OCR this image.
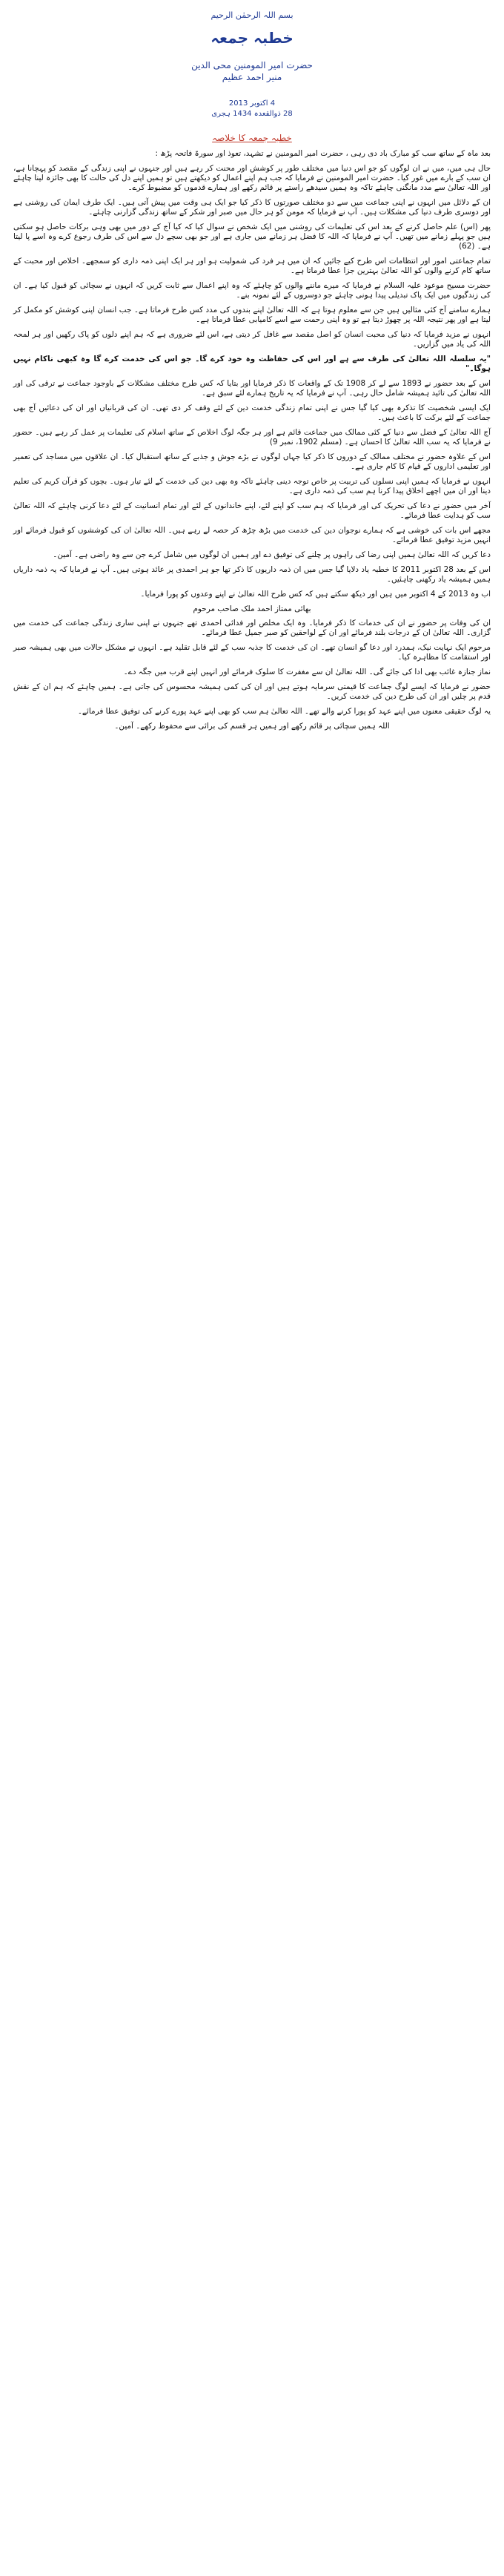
بسم اللہ الرحمٰن الرحیم
خطبہ جمعہ
حضرت امیر المومنین محی الدین
منیر احمد عظیم
4 اکتوبر 2013
28 ذوالقعدہ 1434 ہجری
خطبہ جمعہ کا خلاصہ

بعد ماہ کے ساتھ سب کو مبارک باد دی رہی ، حضرت امیر المومنین نے تشہد، تعوذ اور سورۃ فاتحہ پڑھ :

حال ہی میں، میں نے ان لوگوں کو جو اس دنیا میں مختلف طور پر کوشش اور محنت کر رہے ہیں اور جنہوں نے اپنی زندگی کے مقصد کو پہچانا ہے، ان سب کے بارے میں غور کیا۔ حضرت امیر المومنین نے فرمایا کہ جب ہم اپنے اعمال کو دیکھتے ہیں تو ہمیں اپنے دل کی حالت کا بھی جائزہ لینا چاہئے اور اللہ تعالیٰ سے مدد مانگنی چاہئے تاکہ وہ ہمیں سیدھے راستے پر قائم رکھے اور ہمارے قدموں کو مضبوط کرے۔

ان کے دلائل میں انہوں نے اپنی جماعت میں سے دو مختلف صورتوں کا ذکر کیا جو ایک ہی وقت میں پیش آتی ہیں۔ ایک طرف ایمان کی روشنی ہے اور دوسری طرف دنیا کی مشکلات ہیں۔ آپ نے فرمایا کہ مومن کو ہر حال میں صبر اور شکر کے ساتھ زندگی گزارنی چاہئے۔

پھر (اس) علم حاصل کرنے کے بعد اس کی تعلیمات کی روشنی میں ایک شخص نے سوال کیا کہ کیا آج کے دور میں بھی وہی برکات حاصل ہو سکتی ہیں جو پہلے زمانے میں تھیں۔ آپ نے فرمایا کہ اللہ کا فضل ہر زمانے میں جاری ہے اور جو بھی سچے دل سے اس کی طرف رجوع کرے وہ اسے پا لیتا ہے۔ (62)

تمام جماعتی امور اور انتظامات اس طرح کیے جائیں کہ ان میں ہر فرد کی شمولیت ہو اور ہر ایک اپنی ذمہ داری کو سمجھے۔ اخلاص اور محبت کے ساتھ کام کرنے والوں کو اللہ تعالیٰ بہترین جزا عطا فرماتا ہے۔

حضرت مسیح موعود علیہ السلام نے فرمایا کہ میرے ماننے والوں کو چاہئے کہ وہ اپنے اعمال سے ثابت کریں کہ انہوں نے سچائی کو قبول کیا ہے۔ ان کی زندگیوں میں ایک پاک تبدیلی پیدا ہونی چاہئے جو دوسروں کے لئے نمونہ بنے۔

ہمارے سامنے آج کئی مثالیں ہیں جن سے معلوم ہوتا ہے کہ اللہ تعالیٰ اپنے بندوں کی مدد کس طرح فرماتا ہے۔ جب انسان اپنی کوشش کو مکمل کر لیتا ہے اور پھر نتیجہ اللہ پر چھوڑ دیتا ہے تو وہ اپنی رحمت سے اسے کامیابی عطا فرماتا ہے۔

انہوں نے مزید فرمایا کہ دنیا کی محبت انسان کو اصل مقصد سے غافل کر دیتی ہے، اس لئے ضروری ہے کہ ہم اپنے دلوں کو پاک رکھیں اور ہر لمحہ اللہ کی یاد میں گزاریں۔

"یہ سلسلہ اللہ تعالیٰ کی طرف سے ہے اور اس کی حفاظت وہ خود کرے گا۔ جو اس کی خدمت کرے گا وہ کبھی ناکام نہیں ہوگا۔"

اس کے بعد حضور نے 1893 سے لے کر 1908 تک کے واقعات کا ذکر فرمایا اور بتایا کہ کس طرح مختلف مشکلات کے باوجود جماعت نے ترقی کی اور اللہ تعالیٰ کی تائید ہمیشہ شامل حال رہی۔ آپ نے فرمایا کہ یہ تاریخ ہمارے لئے سبق ہے۔

ایک ایسی شخصیت کا تذکرہ بھی کیا گیا جس نے اپنی تمام زندگی خدمت دین کے لئے وقف کر دی تھی۔ ان کی قربانیاں اور ان کی دعائیں آج بھی جماعت کے لئے برکت کا باعث ہیں۔

آج اللہ تعالیٰ کے فضل سے دنیا کے کئی ممالک میں جماعت قائم ہے اور ہر جگہ لوگ اخلاص کے ساتھ اسلام کی تعلیمات پر عمل کر رہے ہیں۔ حضور نے فرمایا کہ یہ سب اللہ تعالیٰ کا احسان ہے۔ (مسلم 1902، نمبر 9)

اس کے علاوہ حضور نے مختلف ممالک کے دوروں کا ذکر کیا جہاں لوگوں نے بڑے جوش و جذبے کے ساتھ استقبال کیا۔ ان علاقوں میں مساجد کی تعمیر اور تعلیمی اداروں کے قیام کا کام جاری ہے۔

انہوں نے فرمایا کہ ہمیں اپنی نسلوں کی تربیت پر خاص توجہ دینی چاہئے تاکہ وہ بھی دین کی خدمت کے لئے تیار ہوں۔ بچوں کو قرآن کریم کی تعلیم دینا اور ان میں اچھے اخلاق پیدا کرنا ہم سب کی ذمہ داری ہے۔

آخر میں حضور نے دعا کی تحریک کی اور فرمایا کہ ہم سب کو اپنے لئے، اپنے خاندانوں کے لئے اور تمام انسانیت کے لئے دعا کرنی چاہئے کہ اللہ تعالیٰ سب کو ہدایت عطا فرمائے۔

مجھے اس بات کی خوشی ہے کہ ہمارے نوجوان دین کی خدمت میں بڑھ چڑھ کر حصہ لے رہے ہیں۔ اللہ تعالیٰ ان کی کوششوں کو قبول فرمائے اور انہیں مزید توفیق عطا فرمائے۔

دعا کریں کہ اللہ تعالیٰ ہمیں اپنی رضا کی راہوں پر چلنے کی توفیق دے اور ہمیں ان لوگوں میں شامل کرے جن سے وہ راضی ہے۔ آمین۔

اس کے بعد 28 اکتوبر 2011 کا خطبہ یاد دلایا گیا جس میں ان ذمہ داریوں کا ذکر تھا جو ہر احمدی پر عائد ہوتی ہیں۔ آپ نے فرمایا کہ یہ ذمہ داریاں ہمیں ہمیشہ یاد رکھنی چاہئیں۔

اب وہ 2013 کے 4 اکتوبر میں ہیں اور دیکھ سکتے ہیں کہ کس طرح اللہ تعالیٰ نے اپنے وعدوں کو پورا فرمایا۔

بھائی ممتاز احمد ملک صاحب مرحوم

ان کی وفات پر حضور نے ان کی خدمات کا ذکر فرمایا۔ وہ ایک مخلص اور فدائی احمدی تھے جنہوں نے اپنی ساری زندگی جماعت کی خدمت میں گزاری۔ اللہ تعالیٰ ان کے درجات بلند فرمائے اور ان کے لواحقین کو صبر جمیل عطا فرمائے۔

مرحوم ایک نہایت نیک، ہمدرد اور دعا گو انسان تھے۔ ان کی خدمت کا جذبہ سب کے لئے قابل تقلید ہے۔ انہوں نے مشکل حالات میں بھی ہمیشہ صبر اور استقامت کا مظاہرہ کیا۔

نماز جنازہ غائب بھی ادا کی جائے گی۔ اللہ تعالیٰ ان سے مغفرت کا سلوک فرمائے اور انہیں اپنے قرب میں جگہ دے۔

حضور نے فرمایا کہ ایسے لوگ جماعت کا قیمتی سرمایہ ہوتے ہیں اور ان کی کمی ہمیشہ محسوس کی جاتی ہے۔ ہمیں چاہئے کہ ہم ان کے نقش قدم پر چلیں اور ان کی طرح دین کی خدمت کریں۔

یہ لوگ حقیقی معنوں میں اپنے عہد کو پورا کرنے والے تھے۔ اللہ تعالیٰ ہم سب کو بھی اپنے عہد پورے کرنے کی توفیق عطا فرمائے۔

اللہ ہمیں سچائی پر قائم رکھے اور ہمیں ہر قسم کی برائی سے محفوظ رکھے۔ آمین۔
